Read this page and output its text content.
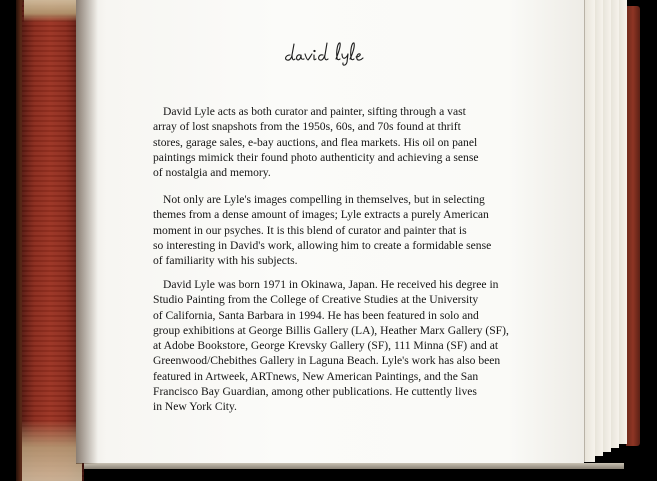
David Lyle acts as both curator and painter, sifting through a vast
array of lost snapshots from the 1950s, 60s, and 70s found at thrift
stores, garage sales, e-bay auctions, and flea markets. His oil on panel
paintings mimick their found photo authenticity and achieving a sense
of nostalgia and memory.

Not only are Lyle's images compelling in themselves, but in selecting
themes from a dense amount of images; Lyle extracts a purely American
moment in our psyches. It is this blend of curator and painter that is
so interesting in David's work, allowing him to create a formidable sense
of familiarity with his subjects.

David Lyle was born 1971 in Okinawa, Japan. He received his degree in
Studio Painting from the College of Creative Studies at the University
of California, Santa Barbara in 1994. He has been featured in solo and
group exhibitions at George Billis Gallery (LA), Heather Marx Gallery (SF),
at Adobe Bookstore, George Krevsky Gallery (SF), 111 Minna (SF) and at
Greenwood/Chebithes Gallery in Laguna Beach. Lyle's work has also been
featured in Artweek, ARTnews, New American Paintings, and the San
Francisco Bay Guardian, among other publications. He cuttently lives
in New York City.
